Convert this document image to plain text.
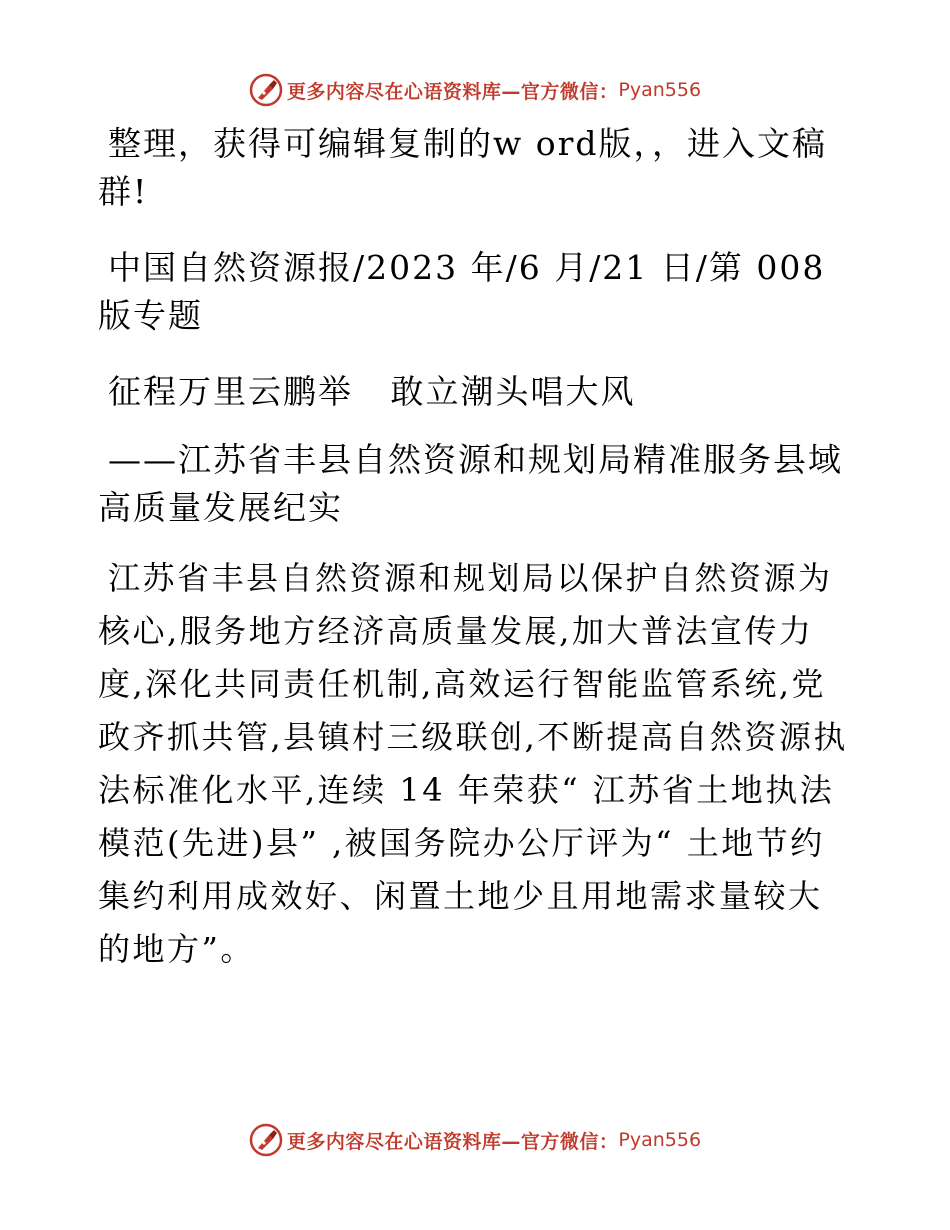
更多内容尽在心语资料库—官方微信： Pyan556

整理，获得可编辑复制的w ord版，，进入文稿群!

中国自然资源报/2023 年/6 月/21 日/第 008 版专题

征程万里云鹏举   敢立潮头唱大风

——江苏省丰县自然资源和规划局精准服务县域高质量发展纪实

江苏省丰县自然资源和规划局以保护自然资源为核心,服务地方经济高质量发展,加大普法宣传力度,深化共同责任机制,高效运行智能监管系统,党政齐抓共管,县镇村三级联创,不断提高自然资源执法标准化水平,连续 14 年荣获“ 江苏省土地执法模范(先进)县” ,被国务院办公厅评为“ 土地节约集约利用成效好、闲置土地少且用地需求量较大的地方”。

更多内容尽在心语资料库—官方微信： Pyan556
